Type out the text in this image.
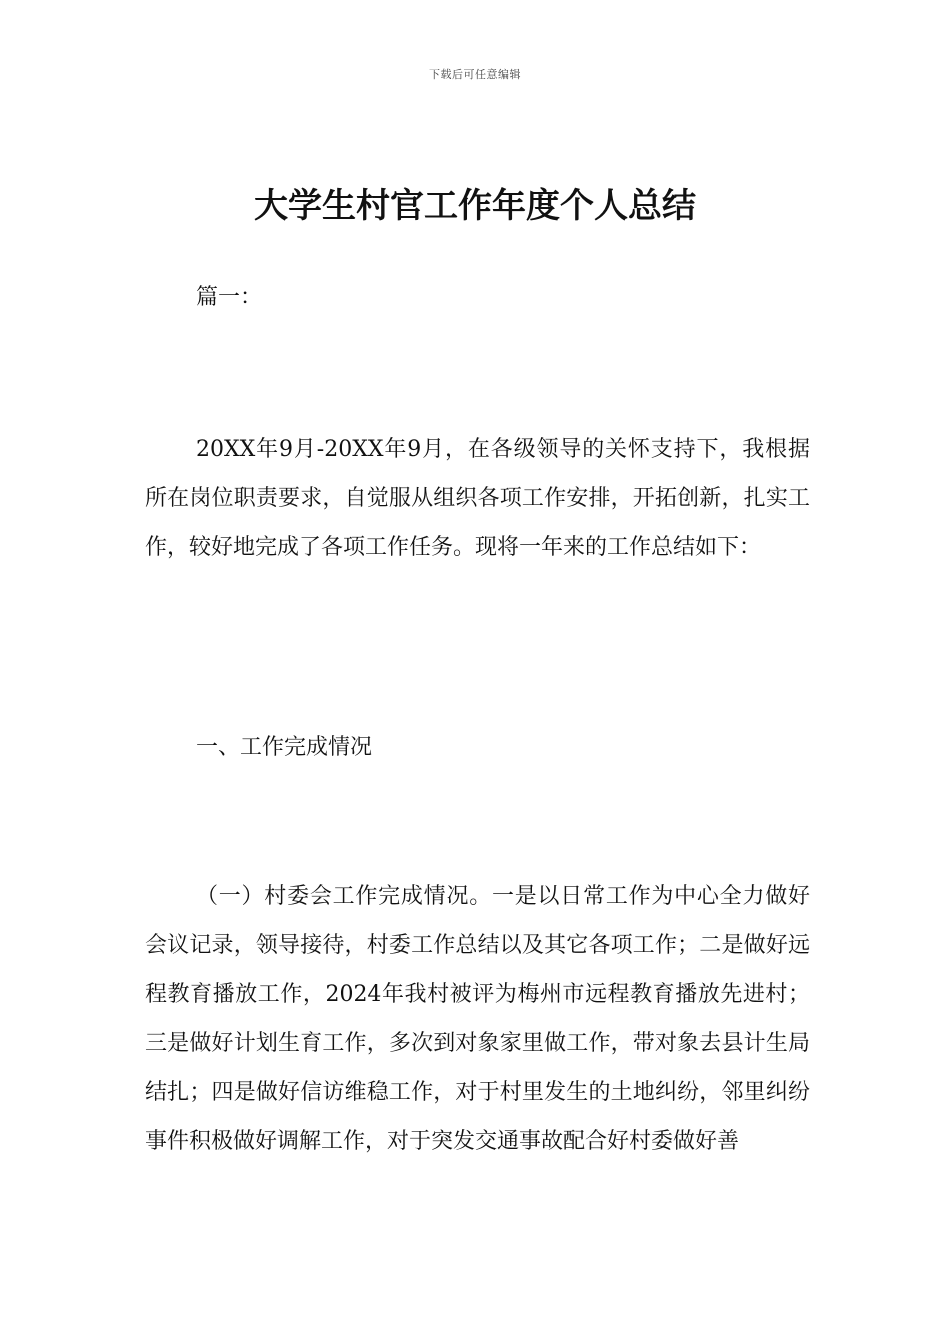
下载后可任意编辑
大学生村官工作年度个人总结

篇一：

20XX年9月-20XX年9月，在各级领导的关怀支持下，我根据所在岗位职责要求，自觉服从组织各项工作安排，开拓创新，扎实工作，较好地完成了各项工作任务。现将一年来的工作总结如下：

一、工作完成情况

（一）村委会工作完成情况。一是以日常工作为中心全力做好会议记录，领导接待，村委工作总结以及其它各项工作；二是做好远程教育播放工作，2024年我村被评为梅州市远程教育播放先进村；三是做好计划生育工作，多次到对象家里做工作，带对象去县计生局结扎；四是做好信访维稳工作，对于村里发生的土地纠纷，邻里纠纷事件积极做好调解工作，对于突发交通事故配合好村委做好善
